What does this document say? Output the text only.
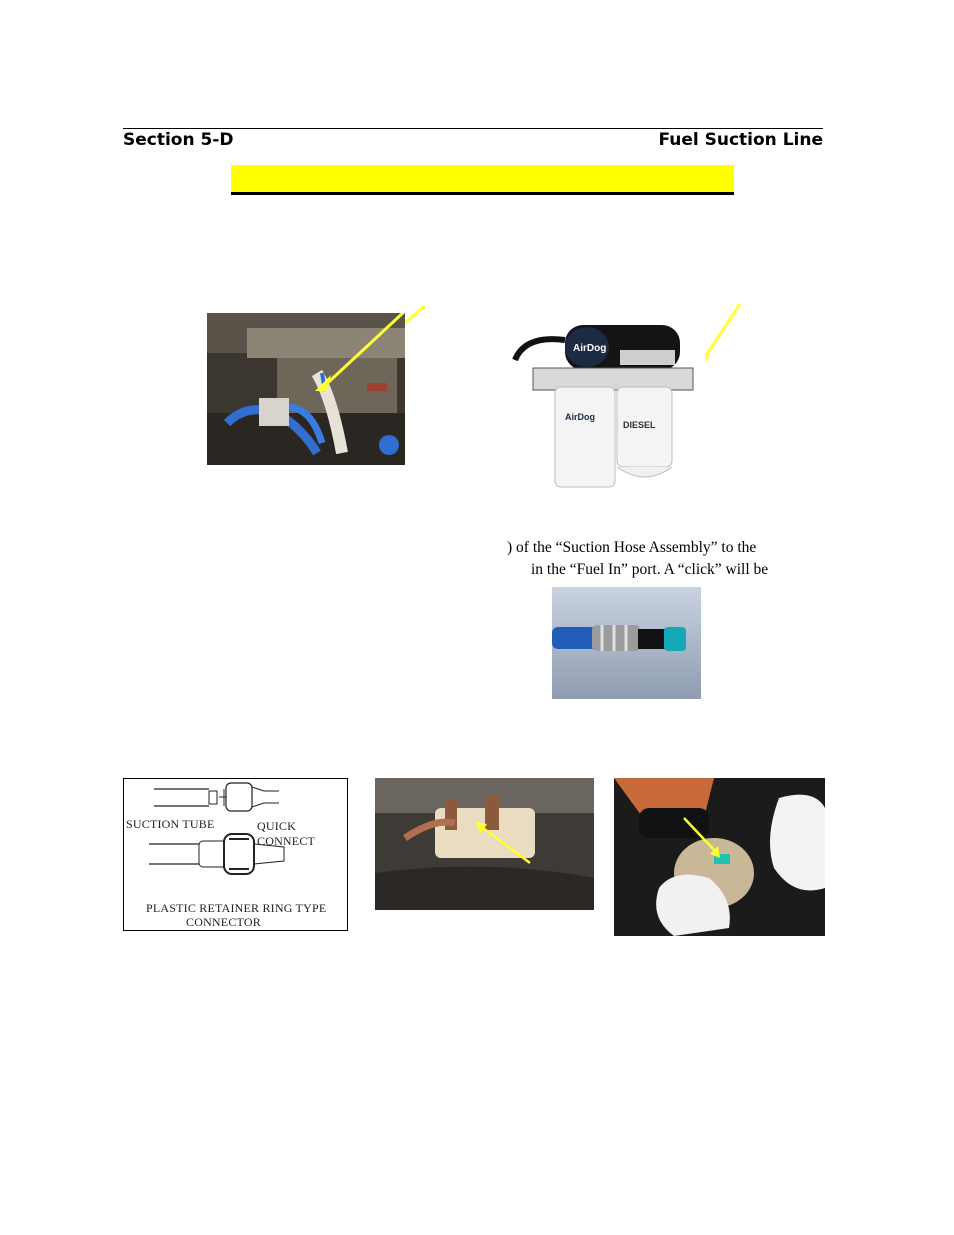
Section 5-D	Fuel Suction Line
AirDog
AirDog
DIESEL
) of the “Suction Hose Assembly” to the
in the “Fuel In” port. A “click” will be
SUCTION TUBE	QUICK CONNECT
PLASTIC RETAINER RING TYPE
CONNECTOR
